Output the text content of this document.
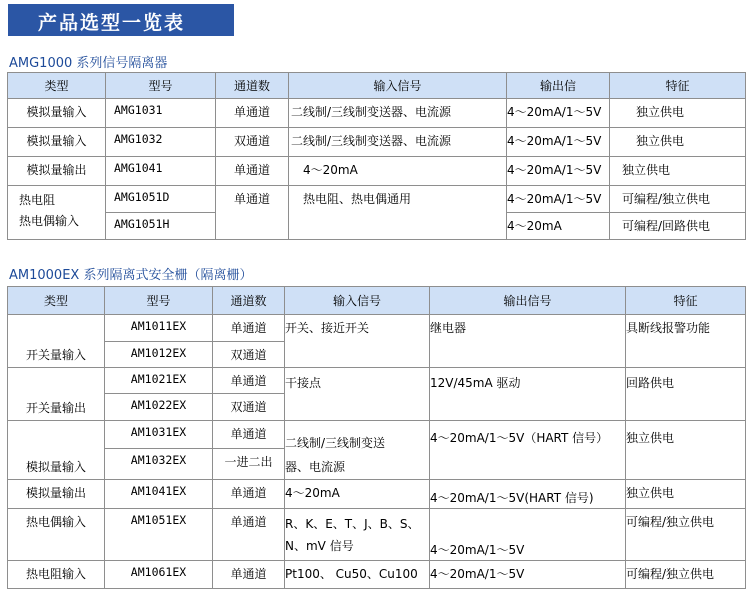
产品选型一览表
AMG1000 系列信号隔离器
类型	型号	通道数	输入信号	输出信	特征
模拟量输入	AMG1031	单通道	二线制/三线制变送器、电流源	4～20mA/1～5V	独立供电
模拟量输入	AMG1032	双通道	二线制/三线制变送器、电流源	4～20mA/1～5V	独立供电
模拟量输出	AMG1041	单通道	4～20mA	4～20mA/1～5V	独立供电

热电阻
热电偶输入	AMG1051D	单通道	热电阻、热电偶通用	4～20mA/1～5V	可编程/独立供电
	AMG1051H			4～20mA	可编程/回路供电
AM1000EX 系列隔离式安全栅（隔离栅）
类型	型号	通道数	输入信号	输出信号	特征
开关量输入	AM1011EX	单通道	开关、接近开关	继电器	具断线报警功能
	AM1012EX	双通道			
开关量输出	AM1021EX	单通道	干接点	12V/45mA 驱动	回路供电
	AM1022EX	双通道			
模拟量输入	AM1031EX	单通道	二线制/三线制变送
器、电流源	4～20mA/1～5V（HART 信号）	独立供电
	AM1032EX	一进二出			
模拟量输出	AM1041EX	单通道	4～20mA	4～20mA/1～5V(HART 信号)	独立供电
热电偶输入	AM1051EX	单通道	R、K、E、T、J、B、S、
N、mV 信号	4～20mA/1～5V	可编程/独立供电
热电阻输入	AM1061EX	单通道	Pt100、 Cu50、Cu100	4～20mA/1～5V	可编程/独立供电
